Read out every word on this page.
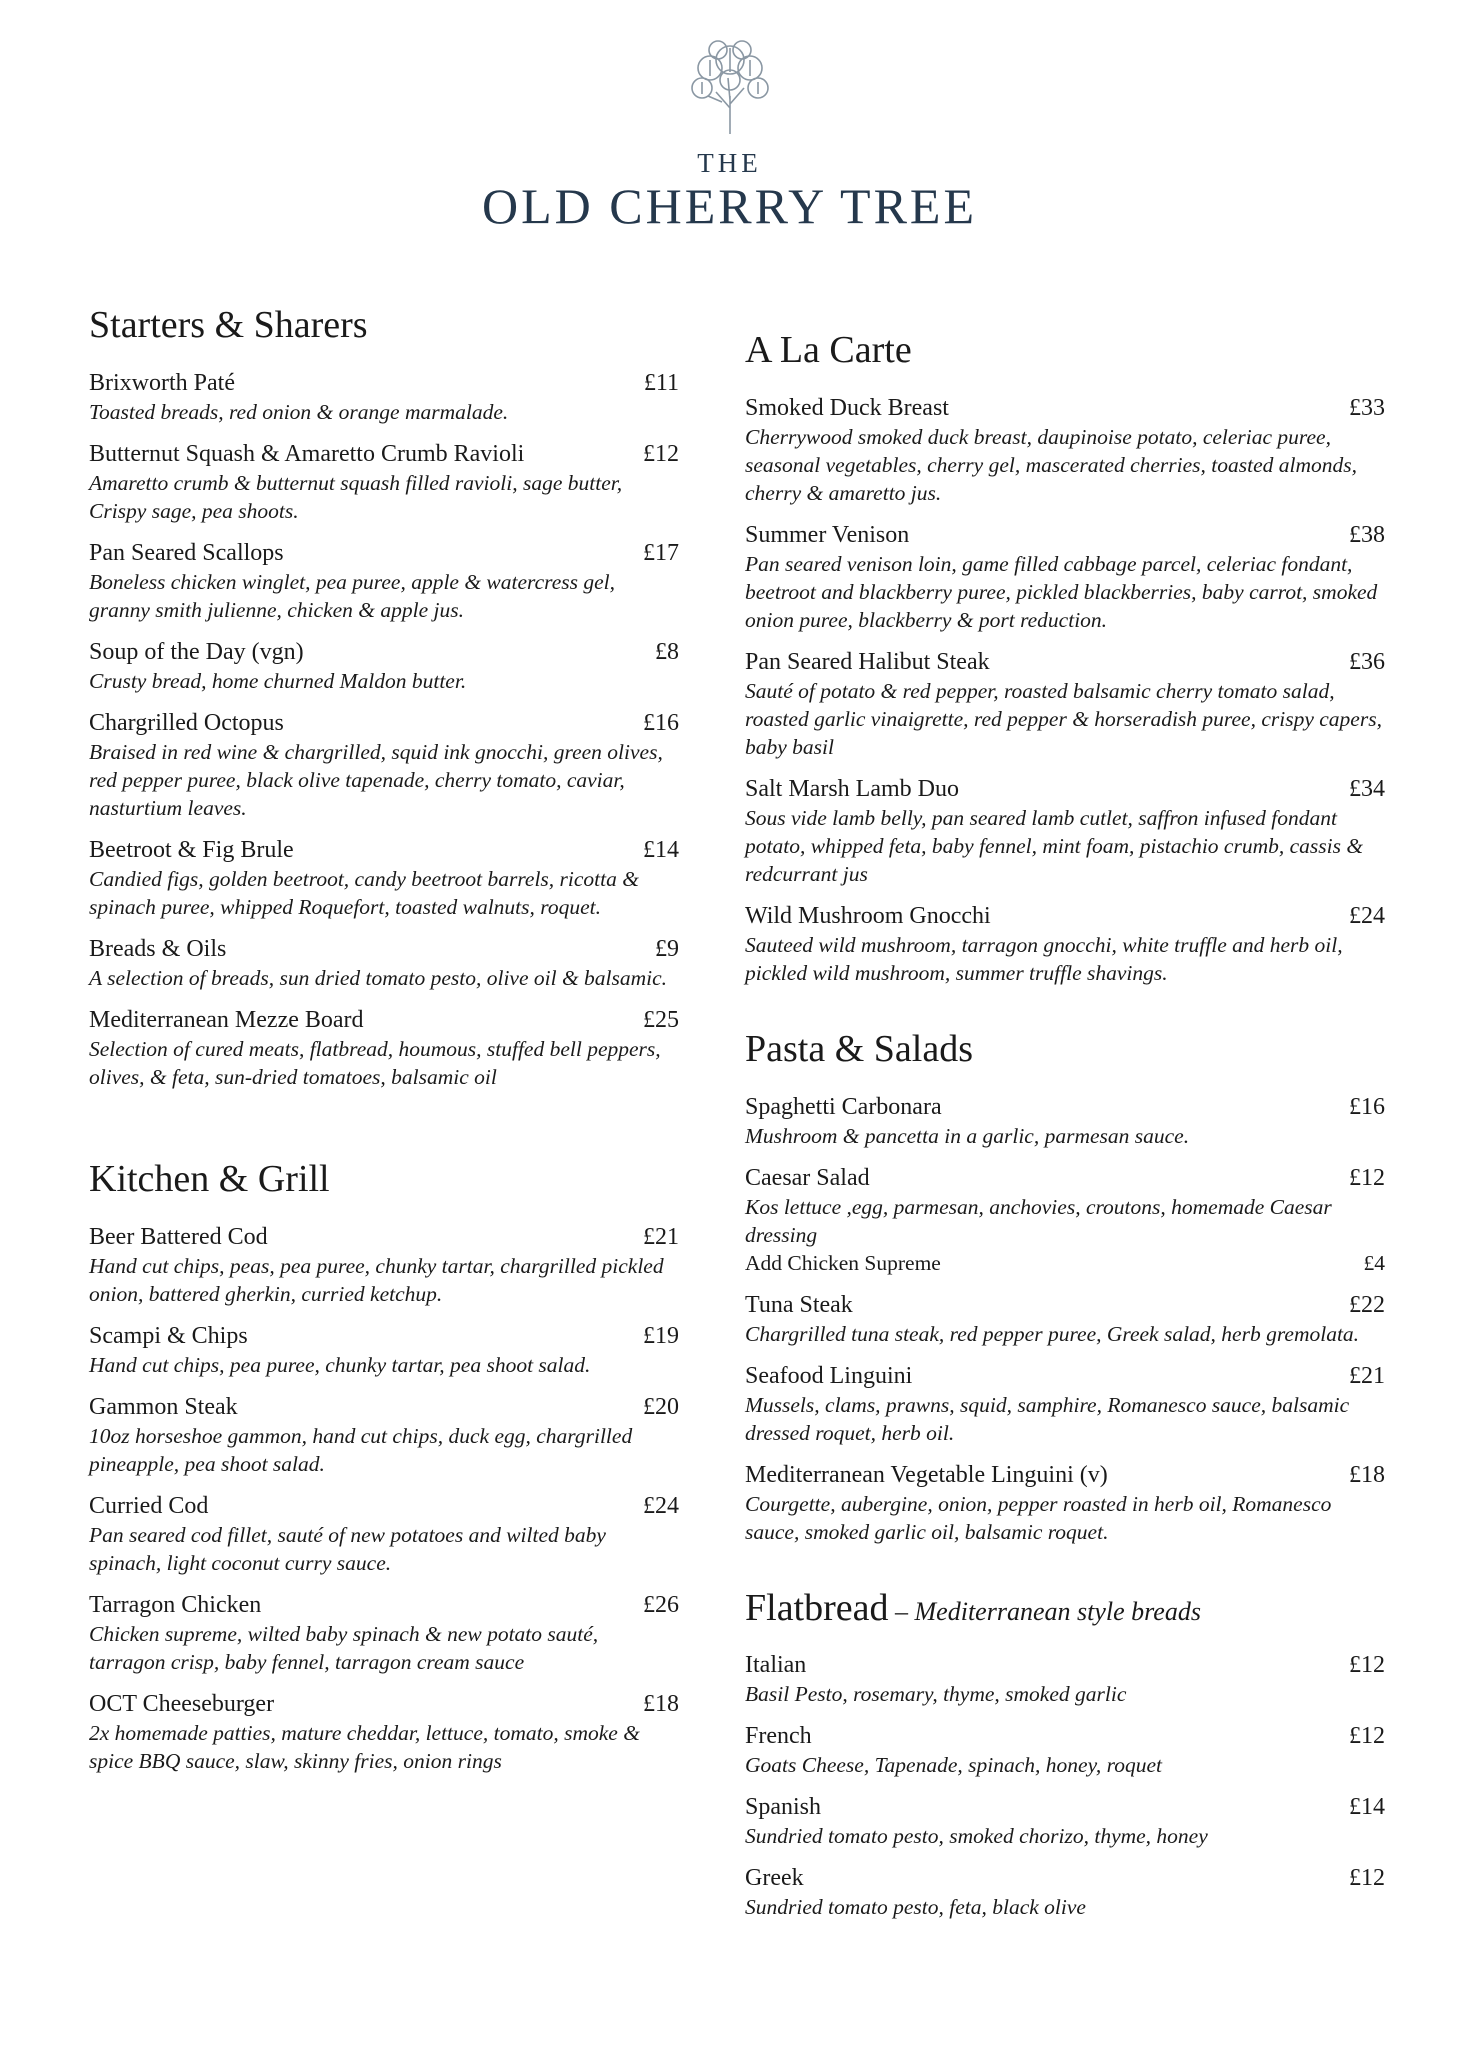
THE
OLD CHERRY TREE
Starters & Sharers
Brixworth Paté	£11
Toasted breads, red onion & orange marmalade.
Butternut Squash & Amaretto Crumb Ravioli	£12
Amaretto crumb & butternut squash filled ravioli, sage butter, Crispy sage, pea shoots.
Pan Seared Scallops	£17
Boneless chicken winglet, pea puree, apple & watercress gel, granny smith julienne, chicken & apple jus.
Soup of the Day (vgn)	£8
Crusty bread, home churned Maldon butter.
Chargrilled Octopus	£16
Braised in red wine & chargrilled, squid ink gnocchi, green olives, red pepper puree, black olive tapenade, cherry tomato, caviar, nasturtium leaves.
Beetroot & Fig Brule	£14
Candied figs, golden beetroot, candy beetroot barrels, ricotta & spinach puree, whipped Roquefort, toasted walnuts, roquet.
Breads & Oils	£9
A selection of breads, sun dried tomato pesto, olive oil & balsamic.
Mediterranean Mezze Board	£25
Selection of cured meats, flatbread, houmous, stuffed bell peppers, olives, & feta, sun-dried tomatoes, balsamic oil
Kitchen & Grill
Beer Battered Cod	£21
Hand cut chips, peas, pea puree, chunky tartar, chargrilled pickled onion, battered gherkin, curried ketchup.
Scampi & Chips	£19
Hand cut chips, pea puree, chunky tartar, pea shoot salad.
Gammon Steak	£20
10oz horseshoe gammon, hand cut chips, duck egg, chargrilled pineapple, pea shoot salad.
Curried Cod	£24
Pan seared cod fillet, sauté of new potatoes and wilted baby spinach, light coconut curry sauce.
Tarragon Chicken	£26
Chicken supreme, wilted baby spinach & new potato sauté, tarragon crisp, baby fennel, tarragon cream sauce
OCT Cheeseburger	£18
2x homemade patties, mature cheddar, lettuce, tomato, smoke & spice BBQ sauce, slaw, skinny fries, onion rings
A La Carte
Smoked Duck Breast	£33
Cherrywood smoked duck breast, daupinoise potato, celeriac puree, seasonal vegetables, cherry gel, mascerated cherries, toasted almonds, cherry & amaretto jus.
Summer Venison	£38
Pan seared venison loin, game filled cabbage parcel, celeriac fondant, beetroot and blackberry puree, pickled blackberries, baby carrot, smoked onion puree, blackberry & port reduction.
Pan Seared Halibut Steak	£36
Sauté of potato & red pepper, roasted balsamic cherry tomato salad, roasted garlic vinaigrette, red pepper & horseradish puree, crispy capers, baby basil
Salt Marsh Lamb Duo	£34
Sous vide lamb belly, pan seared lamb cutlet, saffron infused fondant potato, whipped feta, baby fennel, mint foam, pistachio crumb, cassis & redcurrant jus
Wild Mushroom Gnocchi	£24
Sauteed wild mushroom, tarragon gnocchi, white truffle and herb oil, pickled wild mushroom, summer truffle shavings.
Pasta & Salads
Spaghetti Carbonara	£16
Mushroom & pancetta in a garlic, parmesan sauce.
Caesar Salad	£12
Kos lettuce ,egg, parmesan, anchovies, croutons, homemade Caesar dressing
Add Chicken Supreme	£4
Tuna Steak	£22
Chargrilled tuna steak, red pepper puree, Greek salad, herb gremolata.
Seafood Linguini	£21
Mussels, clams, prawns, squid, samphire, Romanesco sauce, balsamic dressed roquet, herb oil.
Mediterranean Vegetable Linguini (v)	£18
Courgette, aubergine, onion, pepper roasted in herb oil, Romanesco sauce, smoked garlic oil, balsamic roquet.
Flatbread – Mediterranean style breads
Italian	£12
Basil Pesto, rosemary, thyme, smoked garlic
French	£12
Goats Cheese, Tapenade, spinach, honey, roquet
Spanish	£14
Sundried tomato pesto, smoked chorizo, thyme, honey
Greek	£12
Sundried tomato pesto, feta, black olive
